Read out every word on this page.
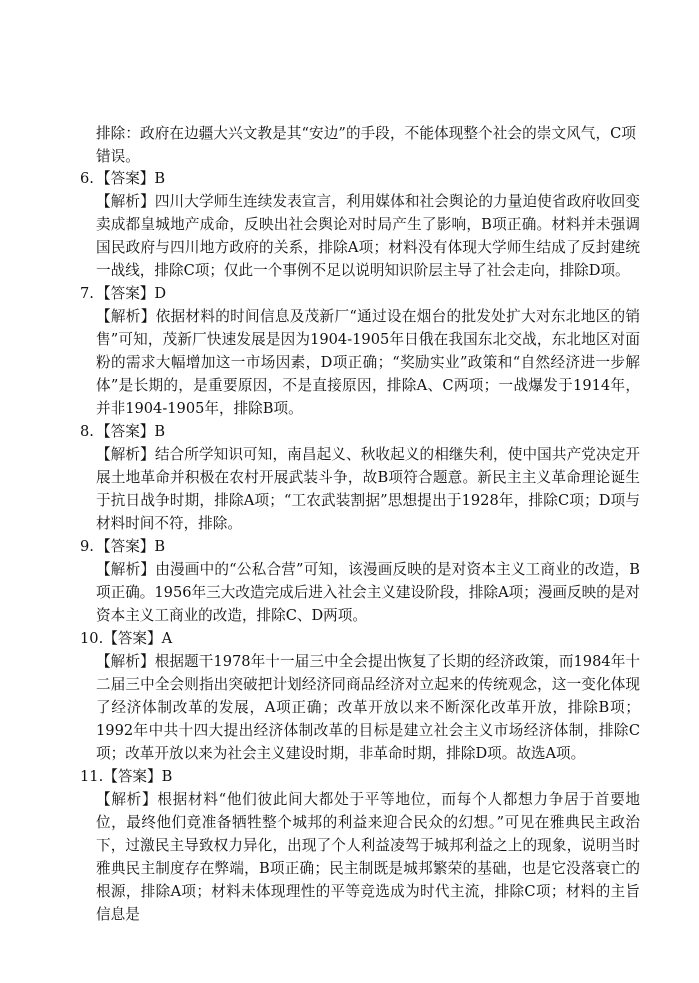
排除：政府在边疆大兴文教是其“安边”的手段，不能体现整个社会的崇文风气，C项错误。
6. 【答案】B
【解析】四川大学师生连续发表宣言，利用媒体和社会舆论的力量迫使省政府收回变卖成都皇城地产成命，反映出社会舆论对时局产生了影响，B项正确。材料并未强调国民政府与四川地方政府的关系，排除A项；材料没有体现大学师生结成了反封建统一战线，排除C项；仅此一个事例不足以说明知识阶层主导了社会走向，排除D项。
7. 【答案】D
【解析】依据材料的时间信息及茂新厂“通过设在烟台的批发处扩大对东北地区的销售”可知，茂新厂快速发展是因为1904-1905年日俄在我国东北交战，东北地区对面粉的需求大幅增加这一市场因素，D项正确；“奖励实业”政策和“自然经济进一步解体”是长期的，是重要原因，不是直接原因，排除A、C两项；一战爆发于1914年，并非1904-1905年，排除B项。
8. 【答案】B
【解析】结合所学知识可知，南昌起义、秋收起义的相继失利，使中国共产党决定开展土地革命并积极在农村开展武装斗争，故B项符合题意。新民主主义革命理论诞生于抗日战争时期，排除A项；“工农武装割据”思想提出于1928年，排除C项；D项与材料时间不符，排除。
9. 【答案】B
【解析】由漫画中的“公私合营”可知，该漫画反映的是对资本主义工商业的改造，B项正确。1956年三大改造完成后进入社会主义建设阶段，排除A项；漫画反映的是对资本主义工商业的改造，排除C、D两项。
10.【答案】A
【解析】根据题干1978年十一届三中全会提出恢复了长期的经济政策，而1984年十二届三中全会则指出突破把计划经济同商品经济对立起来的传统观念，这一变化体现了经济体制改革的发展，A项正确；改革开放以来不断深化改革开放，排除B项；1992年中共十四大提出经济体制改革的目标是建立社会主义市场经济体制，排除C项；改革开放以来为社会主义建设时期，非革命时期，排除D项。故选A项。
11.【答案】B
【解析】根据材料“他们彼此间大都处于平等地位，而每个人都想力争居于首要地位，最终他们竟准备牺牲整个城邦的利益来迎合民众的幻想。”可见在雅典民主政治下，过激民主导致权力异化，出现了个人利益凌驾于城邦利益之上的现象，说明当时雅典民主制度存在弊端，B项正确；民主制既是城邦繁荣的基础，也是它没落衰亡的根源，排除A项；材料未体现理性的平等竞选成为时代主流，排除C项；材料的主旨信息是
